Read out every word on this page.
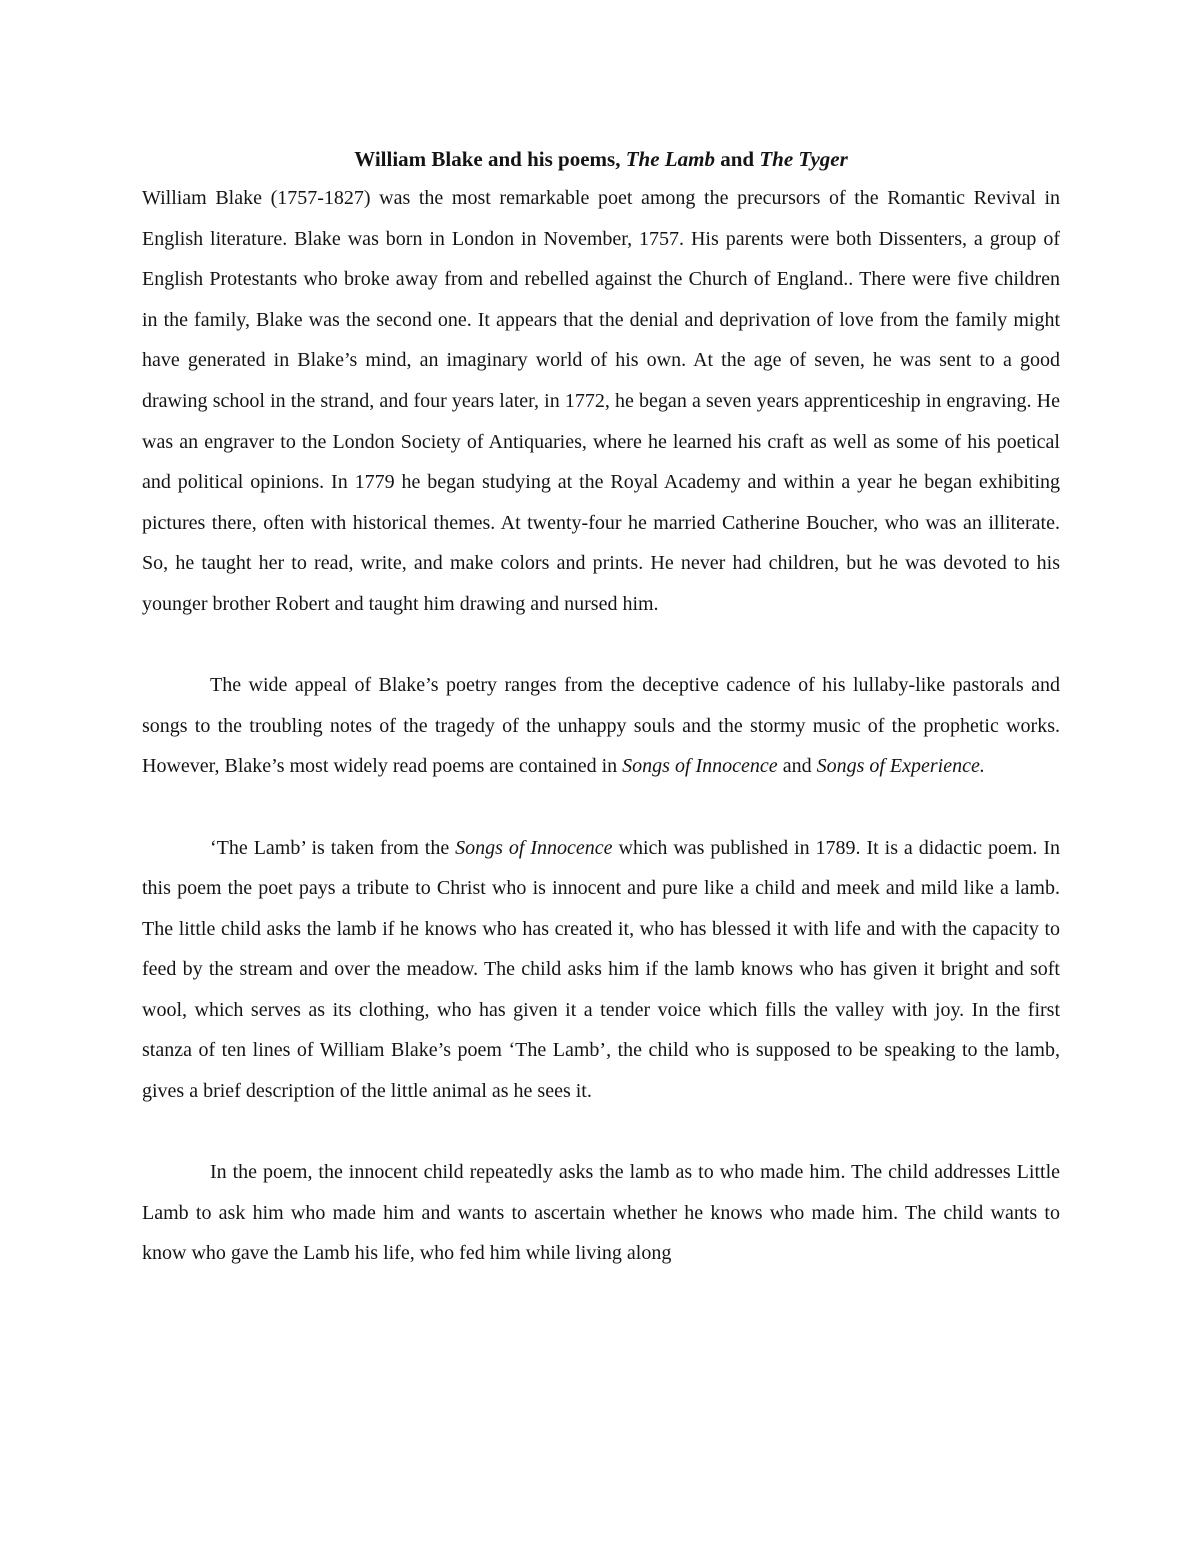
William Blake and his poems, The Lamb and The Tyger

William Blake (1757-1827) was the most remarkable poet among the precursors of the Romantic Revival in English literature. Blake was born in London in November, 1757. His parents were both Dissenters, a group of English Protestants who broke away from and rebelled against the Church of England.. There were five children in the family, Blake was the second one. It appears that the denial and deprivation of love from the family might have generated in Blake’s mind, an imaginary world of his own. At the age of seven, he was sent to a good drawing school in the strand, and four years later, in 1772, he began a seven years apprenticeship in engraving. He was an engraver to the London Society of Antiquaries, where he learned his craft as well as some of his poetical and political opinions. In 1779 he began studying at the Royal Academy and within a year he began exhibiting pictures there, often with historical themes. At twenty-four he married Catherine Boucher, who was an illiterate. So, he taught her to read, write, and make colors and prints. He never had children, but he was devoted to his younger brother Robert and taught him drawing and nursed him.

The wide appeal of Blake’s poetry ranges from the deceptive cadence of his lullaby-like pastorals and songs to the troubling notes of the tragedy of the unhappy souls and the stormy music of the prophetic works. However, Blake’s most widely read poems are contained in Songs of Innocence and Songs of Experience.

‘The Lamb’ is taken from the Songs of Innocence which was published in 1789. It is a didactic poem. In this poem the poet pays a tribute to Christ who is innocent and pure like a child and meek and mild like a lamb. The little child asks the lamb if he knows who has created it, who has blessed it with life and with the capacity to feed by the stream and over the meadow. The child asks him if the lamb knows who has given it bright and soft wool, which serves as its clothing, who has given it a tender voice which fills the valley with joy. In the first stanza of ten lines of William Blake’s poem ‘The Lamb’, the child who is supposed to be speaking to the lamb, gives a brief description of the little animal as he sees it.

In the poem, the innocent child repeatedly asks the lamb as to who made him. The child addresses Little Lamb to ask him who made him and wants to ascertain whether he knows who made him. The child wants to know who gave the Lamb his life, who fed him while living along
